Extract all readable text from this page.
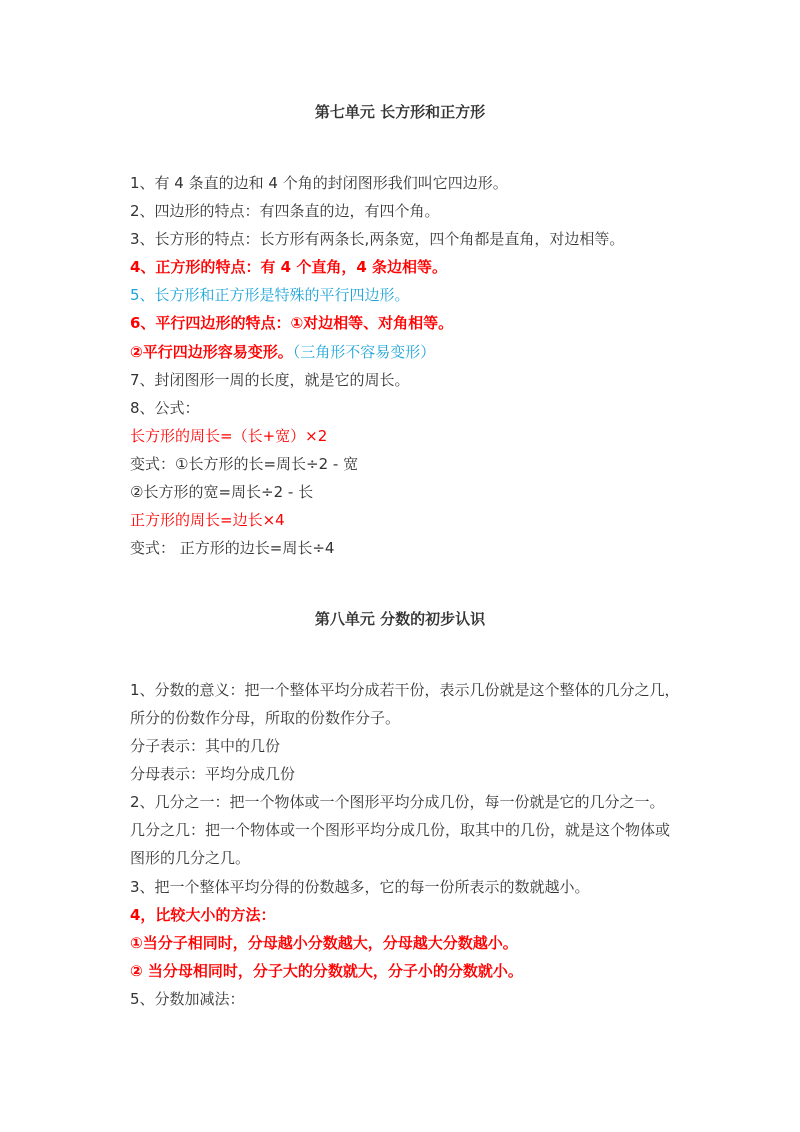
第七单元 长方形和正方形
1、有 4 条直的边和 4 个角的封闭图形我们叫它四边形。
2、四边形的特点：有四条直的边，有四个角。
3、长方形的特点：长方形有两条长,两条宽，四个角都是直角，对边相等。
4、正方形的特点：有 4 个直角，4 条边相等。
5、长方形和正方形是特殊的平行四边形。
6、平行四边形的特点：①对边相等、对角相等。
②平行四边形容易变形。（三角形不容易变形）
7、封闭图形一周的长度，就是它的周长。
8、公式：
长方形的周长=（长+宽）×2
变式：①长方形的长=周长÷2 - 宽
②长方形的宽=周长÷2 - 长
正方形的周长=边长×4
变式： 正方形的边长=周长÷4
第八单元 分数的初步认识
1、分数的意义：把一个整体平均分成若干份，表示几份就是这个整体的几分之几，
所分的份数作分母，所取的份数作分子。
分子表示：其中的几份
分母表示：平均分成几份
2、几分之一：把一个物体或一个图形平均分成几份，每一份就是它的几分之一。
几分之几：把一个物体或一个图形平均分成几份，取其中的几份，就是这个物体或
图形的几分之几。
3、把一个整体平均分得的份数越多，它的每一份所表示的数就越小。
4，比较大小的方法：
①当分子相同时，分母越小分数越大，分母越大分数越小。
② 当分母相同时，分子大的分数就大，分子小的分数就小。
5、分数加减法：
